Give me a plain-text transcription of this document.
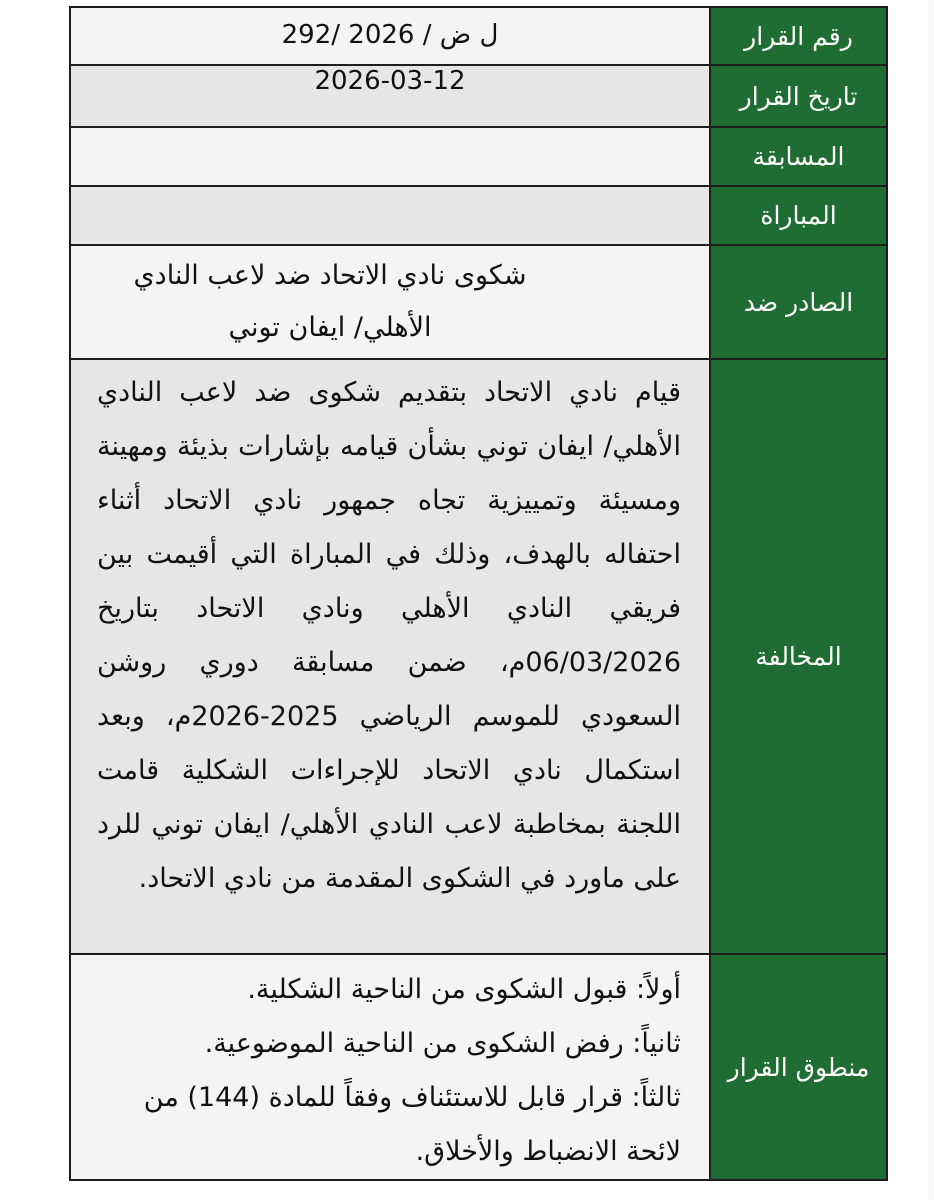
رقم القرار	292/ ل ض / 2026
تاريخ القرار	2026-03-12
المسابقة	
المباراة	
الصادر ضد	شكوى نادي الاتحاد ضد لاعب النادي الأهلي/ ايفان توني
المخالفة	قيام نادي الاتحاد بتقديم شكوى ضد لاعب النادي الأهلي/ ايفان توني بشأن قيامه بإشارات بذيئة ومهينة ومسيئة وتمييزية تجاه جمهور نادي الاتحاد أثناء احتفاله بالهدف، وذلك في المباراة التي أقيمت بين فريقي النادي الأهلي ونادي الاتحاد بتاريخ 06/03/2026م، ضمن مسابقة دوري روشن السعودي للموسم الرياضي 2025-2026م، وبعد استكمال نادي الاتحاد للإجراءات الشكلية قامت اللجنة بمخاطبة لاعب النادي الأهلي/ ايفان توني للرد على ماورد في الشكوى المقدمة من نادي الاتحاد.
منطوق القرار	أولاً: قبول الشكوى من الناحية الشكلية.
ثانياً: رفض الشكوى من الناحية الموضوعية.
ثالثاً: قرار قابل للاستئناف وفقاً للمادة (144) من لائحة الانضباط والأخلاق.
